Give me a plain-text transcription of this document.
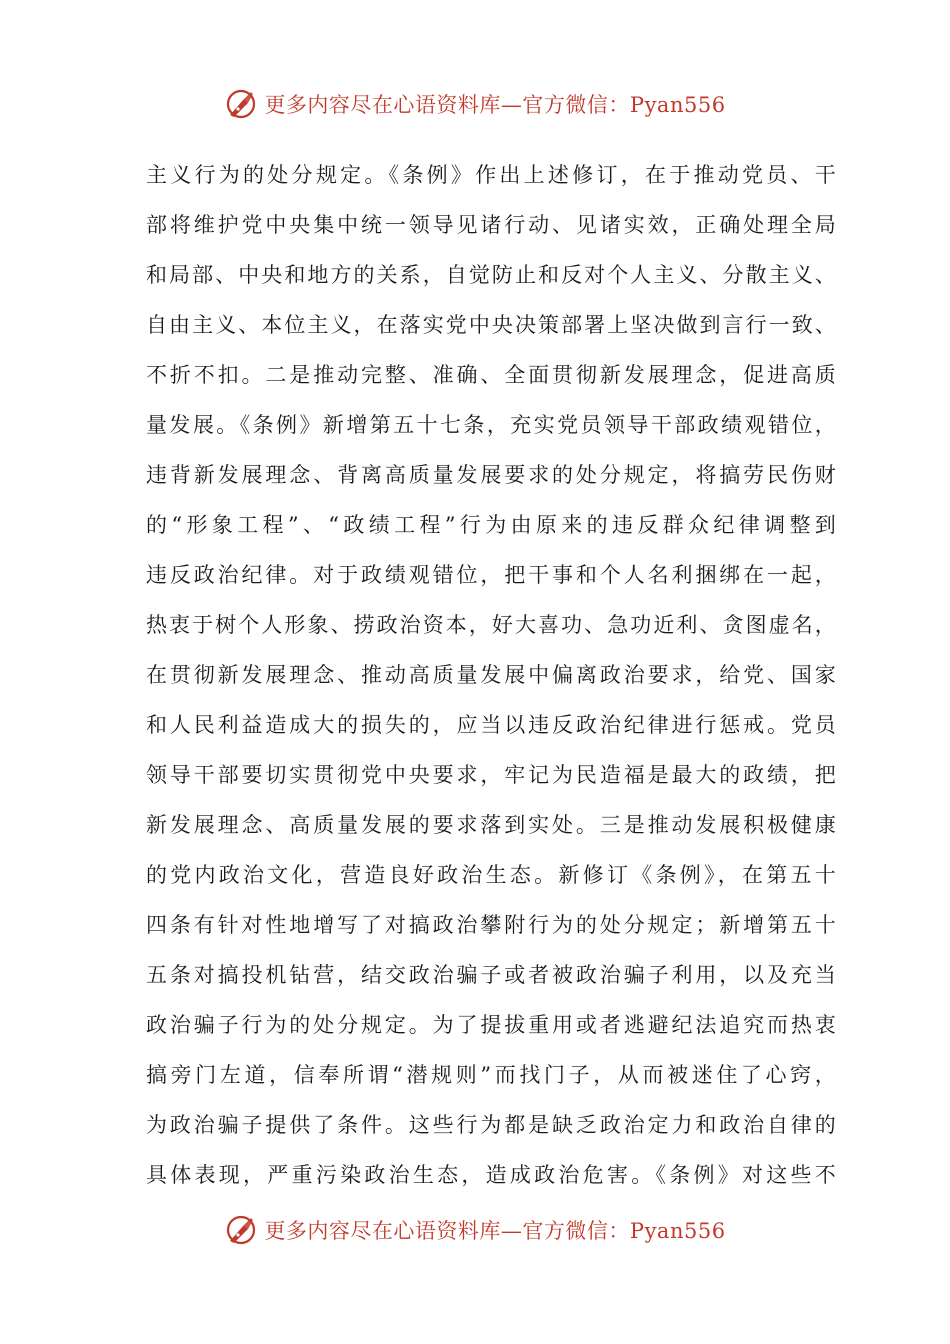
更多内容尽在心语资料库—官方微信：Pyan556
主义行为的处分规定。《条例》作出上述修订，在于推动党员、干
部将维护党中央集中统一领导见诸行动、见诸实效，正确处理全局
和局部、中央和地方的关系，自觉防止和反对个人主义、分散主义、
自由主义、本位主义，在落实党中央决策部署上坚决做到言行一致、
不折不扣。二是推动完整、准确、全面贯彻新发展理念，促进高质
量发展。《条例》新增第五十七条，充实党员领导干部政绩观错位，
违背新发展理念、背离高质量发展要求的处分规定，将搞劳民伤财
的“形象工程”、“政绩工程”行为由原来的违反群众纪律调整到
违反政治纪律。对于政绩观错位，把干事和个人名利捆绑在一起，
热衷于树个人形象、捞政治资本，好大喜功、急功近利、贪图虚名，
在贯彻新发展理念、推动高质量发展中偏离政治要求，给党、国家
和人民利益造成大的损失的，应当以违反政治纪律进行惩戒。党员
领导干部要切实贯彻党中央要求，牢记为民造福是最大的政绩，把
新发展理念、高质量发展的要求落到实处。三是推动发展积极健康
的党内政治文化，营造良好政治生态。新修订《条例》，在第五十
四条有针对性地增写了对搞政治攀附行为的处分规定；新增第五十
五条对搞投机钻营，结交政治骗子或者被政治骗子利用，以及充当
政治骗子行为的处分规定。为了提拔重用或者逃避纪法追究而热衷
搞旁门左道，信奉所谓“潜规则”而找门子，从而被迷住了心窍，
为政治骗子提供了条件。这些行为都是缺乏政治定力和政治自律的
具体表现，严重污染政治生态，造成政治危害。《条例》对这些不
更多内容尽在心语资料库—官方微信：Pyan556
